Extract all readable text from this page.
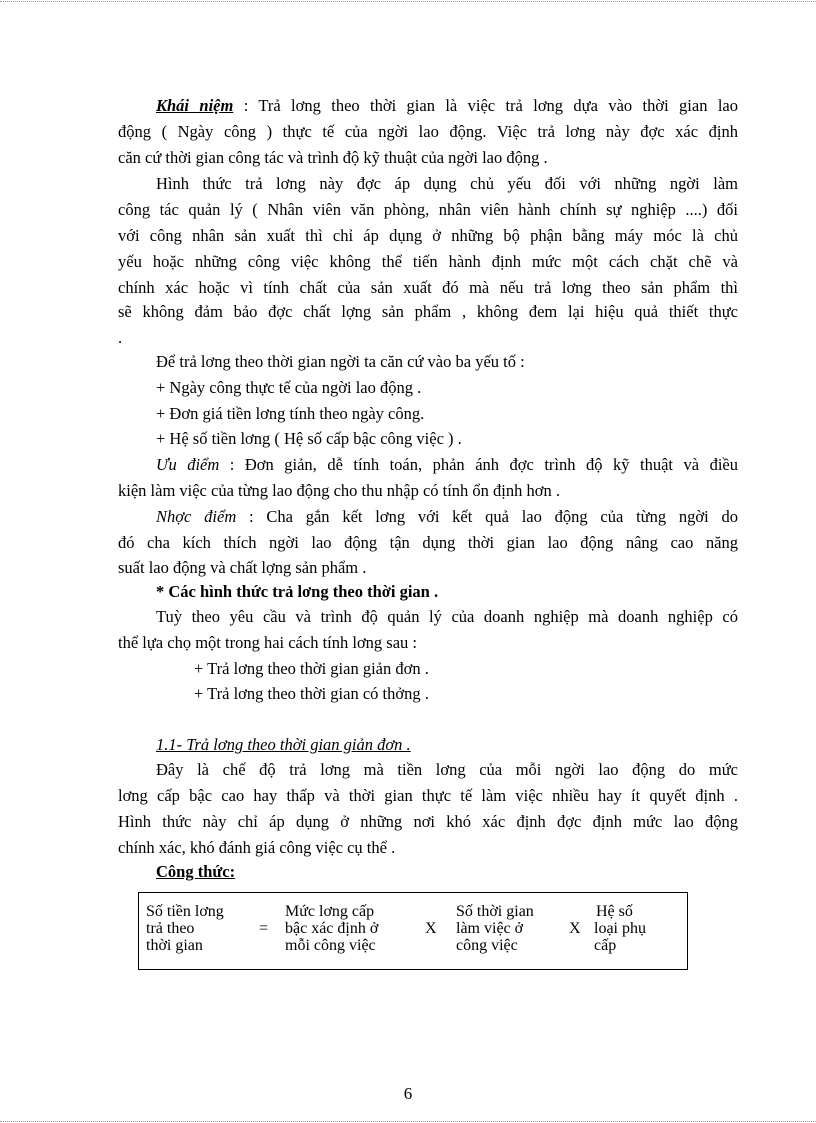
Khái niệm : Trả lơng theo thời gian là việc trả lơng dựa vào thời gian lao
động ( Ngày công ) thực tế của ngời lao động. Việc trả lơng này đợc xác định
căn cứ thời gian công tác và trình độ kỹ thuật của ngời lao động .
Hình thức trả lơng này đợc áp dụng chủ yếu đối với những ngời làm
công tác quản lý ( Nhân viên văn phòng, nhân viên hành chính sự nghiệp ....) đối
với công nhân sản xuất thì chỉ áp dụng ở những bộ phận bằng máy móc là chủ
yếu hoặc những công việc không thể tiến hành định mức một cách chặt chẽ và
chính xác hoặc vì tính chất của sản xuất đó mà nếu trả lơng theo sản phẩm thì
sẽ không đảm bảo đợc chất lợng sản phẩm , không đem lại hiệu quả thiết thực
.
Để trả lơng theo thời gian ngời ta căn cứ vào ba yếu tố :
+ Ngày công thực tế của ngời lao động .
+ Đơn giá tiền lơng tính theo ngày công.
+ Hệ số tiền lơng ( Hệ số cấp bậc công việc ) .
Ưu điểm : Đơn giản, dễ tính toán, phản ánh đợc trình độ kỹ thuật và điều
kiện làm việc của từng lao động cho thu nhập có tính ổn định hơn .
Nhợc điểm : Cha gắn kết lơng với kết quả lao động của từng ngời do
đó cha kích thích ngời lao động tận dụng thời gian lao động nâng cao năng
suất lao động và chất lợng sản phẩm .
* Các hình thức trả lơng theo thời gian .
Tuỳ theo yêu cầu và trình độ quản lý của doanh nghiệp mà doanh nghiệp có
thể lựa chọ một trong hai cách tính lơng sau :
+ Trả lơng theo thời gian giản đơn .
+ Trả lơng theo thời gian có thởng .
1.1- Trả lơng theo thời gian giản đơn .
Đây là chế độ trả lơng mà tiền lơng của mỗi ngời lao động do mức
lơng cấp bậc cao hay thấp và thời gian thực tế làm việc nhiều hay ít quyết định .
Hình thức này chỉ áp dụng ở những nơi khó xác định đợc định mức lao động
chính xác, khó đánh giá công việc cụ thể .
Công thức:
Số tiền lơng
trả theo
thời gian
=
Mức lơng cấp
bậc xác định ở
mỗi công việc
X
Số thời gian
làm việc ở
công việc
X
Hệ số
loại phụ
cấp
6
